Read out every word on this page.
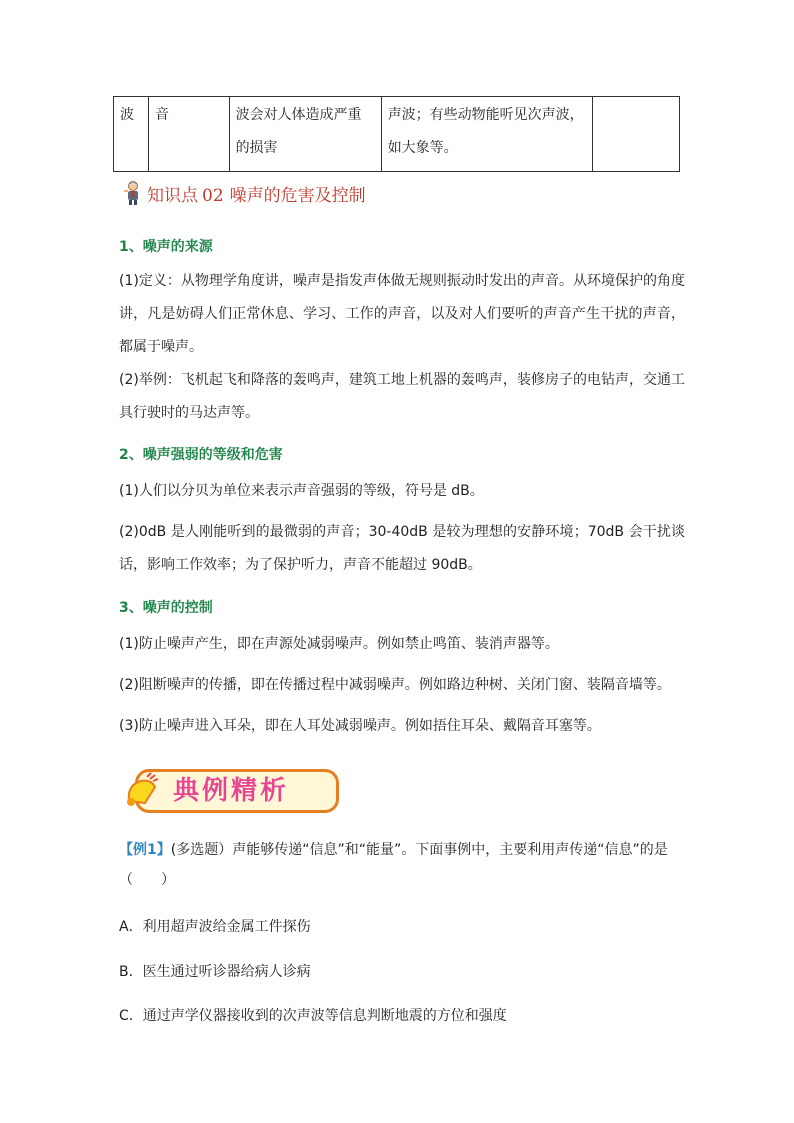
波	音	波会对人体造成严重的损害	声波；有些动物能听见次声波，如大象等。	
知识点 02 噪声的危害及控制
1、噪声的来源
(1)定义：从物理学角度讲，噪声是指发声体做无规则振动时发出的声音。从环境保护的角度讲，凡是妨碍人们正常休息、学习、工作的声音，以及对人们要听的声音产生干扰的声音，都属于噪声。
(2)举例：飞机起飞和降落的轰鸣声，建筑工地上机器的轰鸣声，装修房子的电钻声，交通工具行驶时的马达声等。
2、噪声强弱的等级和危害
(1)人们以分贝为单位来表示声音强弱的等级，符号是 dB。
(2)0dB 是人刚能听到的最微弱的声音；30-40dB 是较为理想的安静环境；70dB 会干扰谈话，影响工作效率；为了保护听力，声音不能超过 90dB。
3、噪声的控制
(1)防止噪声产生，即在声源处减弱噪声。例如禁止鸣笛、装消声器等。
(2)阻断噪声的传播，即在传播过程中减弱噪声。例如路边种树、关闭门窗、装隔音墙等。
(3)防止噪声进入耳朵，即在人耳处减弱噪声。例如捂住耳朵、戴隔音耳塞等。
典例精析
【例1】(多选题）声能够传递“信息”和“能量”。下面事例中，主要利用声传递“信息”的是
（　　）
A．利用超声波给金属工件探伤
B．医生通过听诊器给病人诊病
C．通过声学仪器接收到的次声波等信息判断地震的方位和强度
